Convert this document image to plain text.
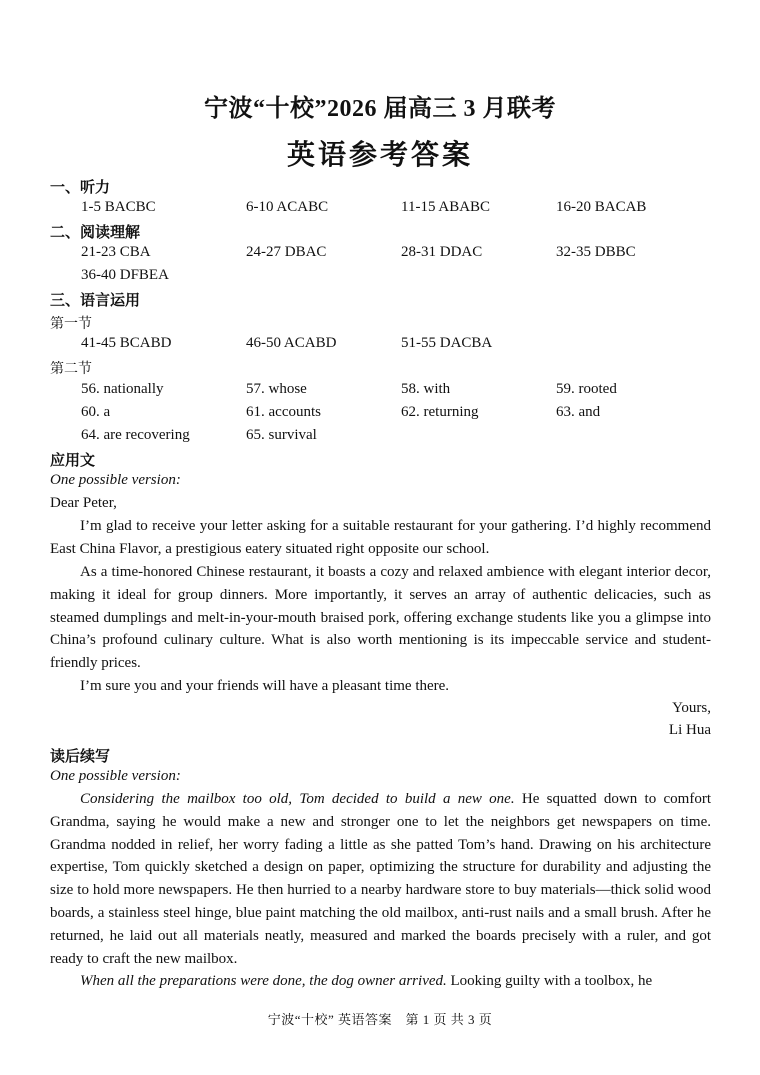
宁波“十校”2026 届高三 3 月联考
英语参考答案
一、听力
1-5 BACBC	6-10 ACABC	11-15 ABABC	16-20 BACAB
二、阅读理解
21-23 CBA	24-27 DBAC	28-31 DDAC	32-35 DBBC
36-40 DFBEA
三、语言运用
第一节
41-45 BCABD	46-50 ACABD	51-55 DACBA
第二节
56. nationally	57. whose	58. with	59. rooted
60. a	61. accounts	62. returning	63. and
64. are recovering	65. survival
应用文
One possible version:
Dear Peter,

I’m glad to receive your letter asking for a suitable restaurant for your gathering. I’d highly recommend East China Flavor, a prestigious eatery situated right opposite our school.

As a time-honored Chinese restaurant, it boasts a cozy and relaxed ambience with elegant interior decor, making it ideal for group dinners. More importantly, it serves an array of authentic delicacies, such as steamed dumplings and melt-in-your-mouth braised pork, offering exchange students like you a glimpse into China’s profound culinary culture. What is also worth mentioning is its impeccable service and student-friendly prices.

I’m sure you and your friends will have a pleasant time there.

Yours,
Li Hua
读后续写
One possible version:

Considering the mailbox too old, Tom decided to build a new one. He squatted down to comfort Grandma, saying he would make a new and stronger one to let the neighbors get newspapers on time. Grandma nodded in relief, her worry fading a little as she patted Tom’s hand. Drawing on his architecture expertise, Tom quickly sketched a design on paper, optimizing the structure for durability and adjusting the size to hold more newspapers. He then hurried to a nearby hardware store to buy materials—thick solid wood boards, a stainless steel hinge, blue paint matching the old mailbox, anti-rust nails and a small brush. After he returned, he laid out all materials neatly, measured and marked the boards precisely with a ruler, and got ready to craft the new mailbox.

When all the preparations were done, the dog owner arrived. Looking guilty with a toolbox, he

宁波“十校” 英语答案　第 1 页 共 3 页
